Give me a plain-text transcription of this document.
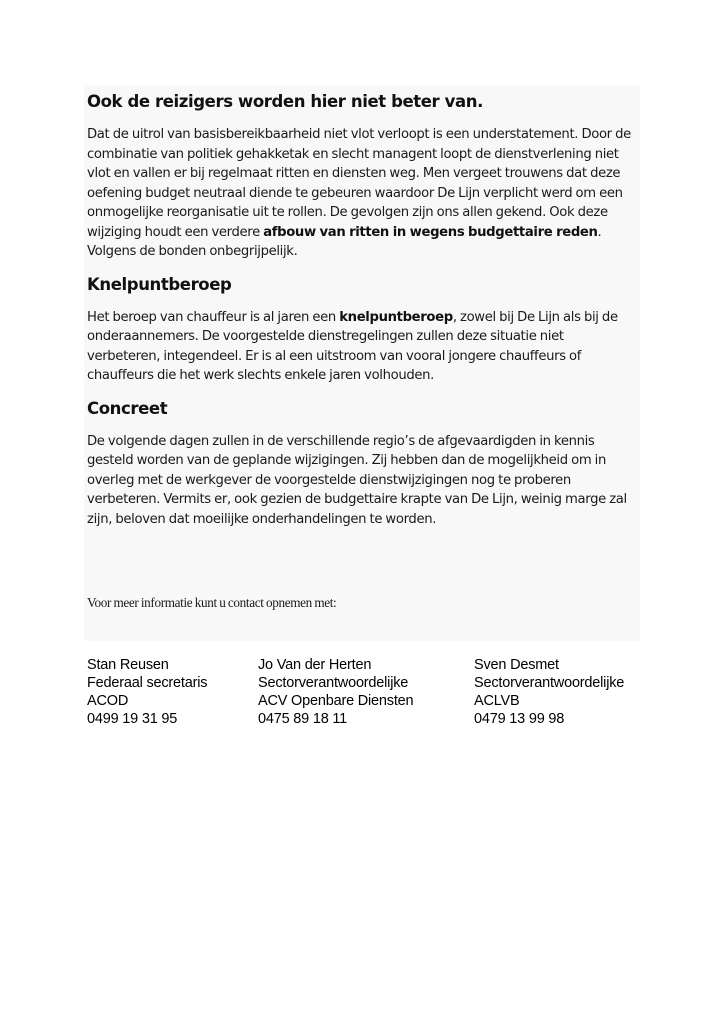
Ook de reizigers worden hier niet beter van.

Dat de uitrol van basisbereikbaarheid niet vlot verloopt is een understatement. Door de combinatie van politiek gehakketak en slecht managent loopt de dienstverlening niet vlot en vallen er bij regelmaat ritten en diensten weg. Men vergeet trouwens dat deze oefening budget neutraal diende te gebeuren waardoor De Lijn verplicht werd om een onmogelijke reorganisatie uit te rollen. De gevolgen zijn ons allen gekend. Ook deze wijziging houdt een verdere afbouw van ritten in wegens budgettaire reden. Volgens de bonden onbegrijpelijk.

Knelpuntberoep

Het beroep van chauffeur is al jaren een knelpuntberoep, zowel bij De Lijn als bij de onderaannemers. De voorgestelde dienstregelingen zullen deze situatie niet verbeteren, integendeel. Er is al een uitstroom van vooral jongere chauffeurs of chauffeurs die het werk slechts enkele jaren volhouden.

Concreet

De volgende dagen zullen in de verschillende regio’s de afgevaardigden in kennis gesteld worden van de geplande wijzigingen. Zij hebben dan de mogelijkheid om in overleg met de werkgever de voorgestelde dienstwijzigingen nog te proberen verbeteren. Vermits er, ook gezien de budgettaire krapte van De Lijn, weinig marge zal zijn, beloven dat moeilijke onderhandelingen te worden.

Voor meer informatie kunt u contact opnemen met:

Stan Reusen
Federaal secretaris
ACOD
0499 19 31 95
Jo Van der Herten
Sectorverantwoordelijke
ACV Openbare Diensten
0475 89 18 11
Sven Desmet
Sectorverantwoordelijke
ACLVB
0479 13 99 98
